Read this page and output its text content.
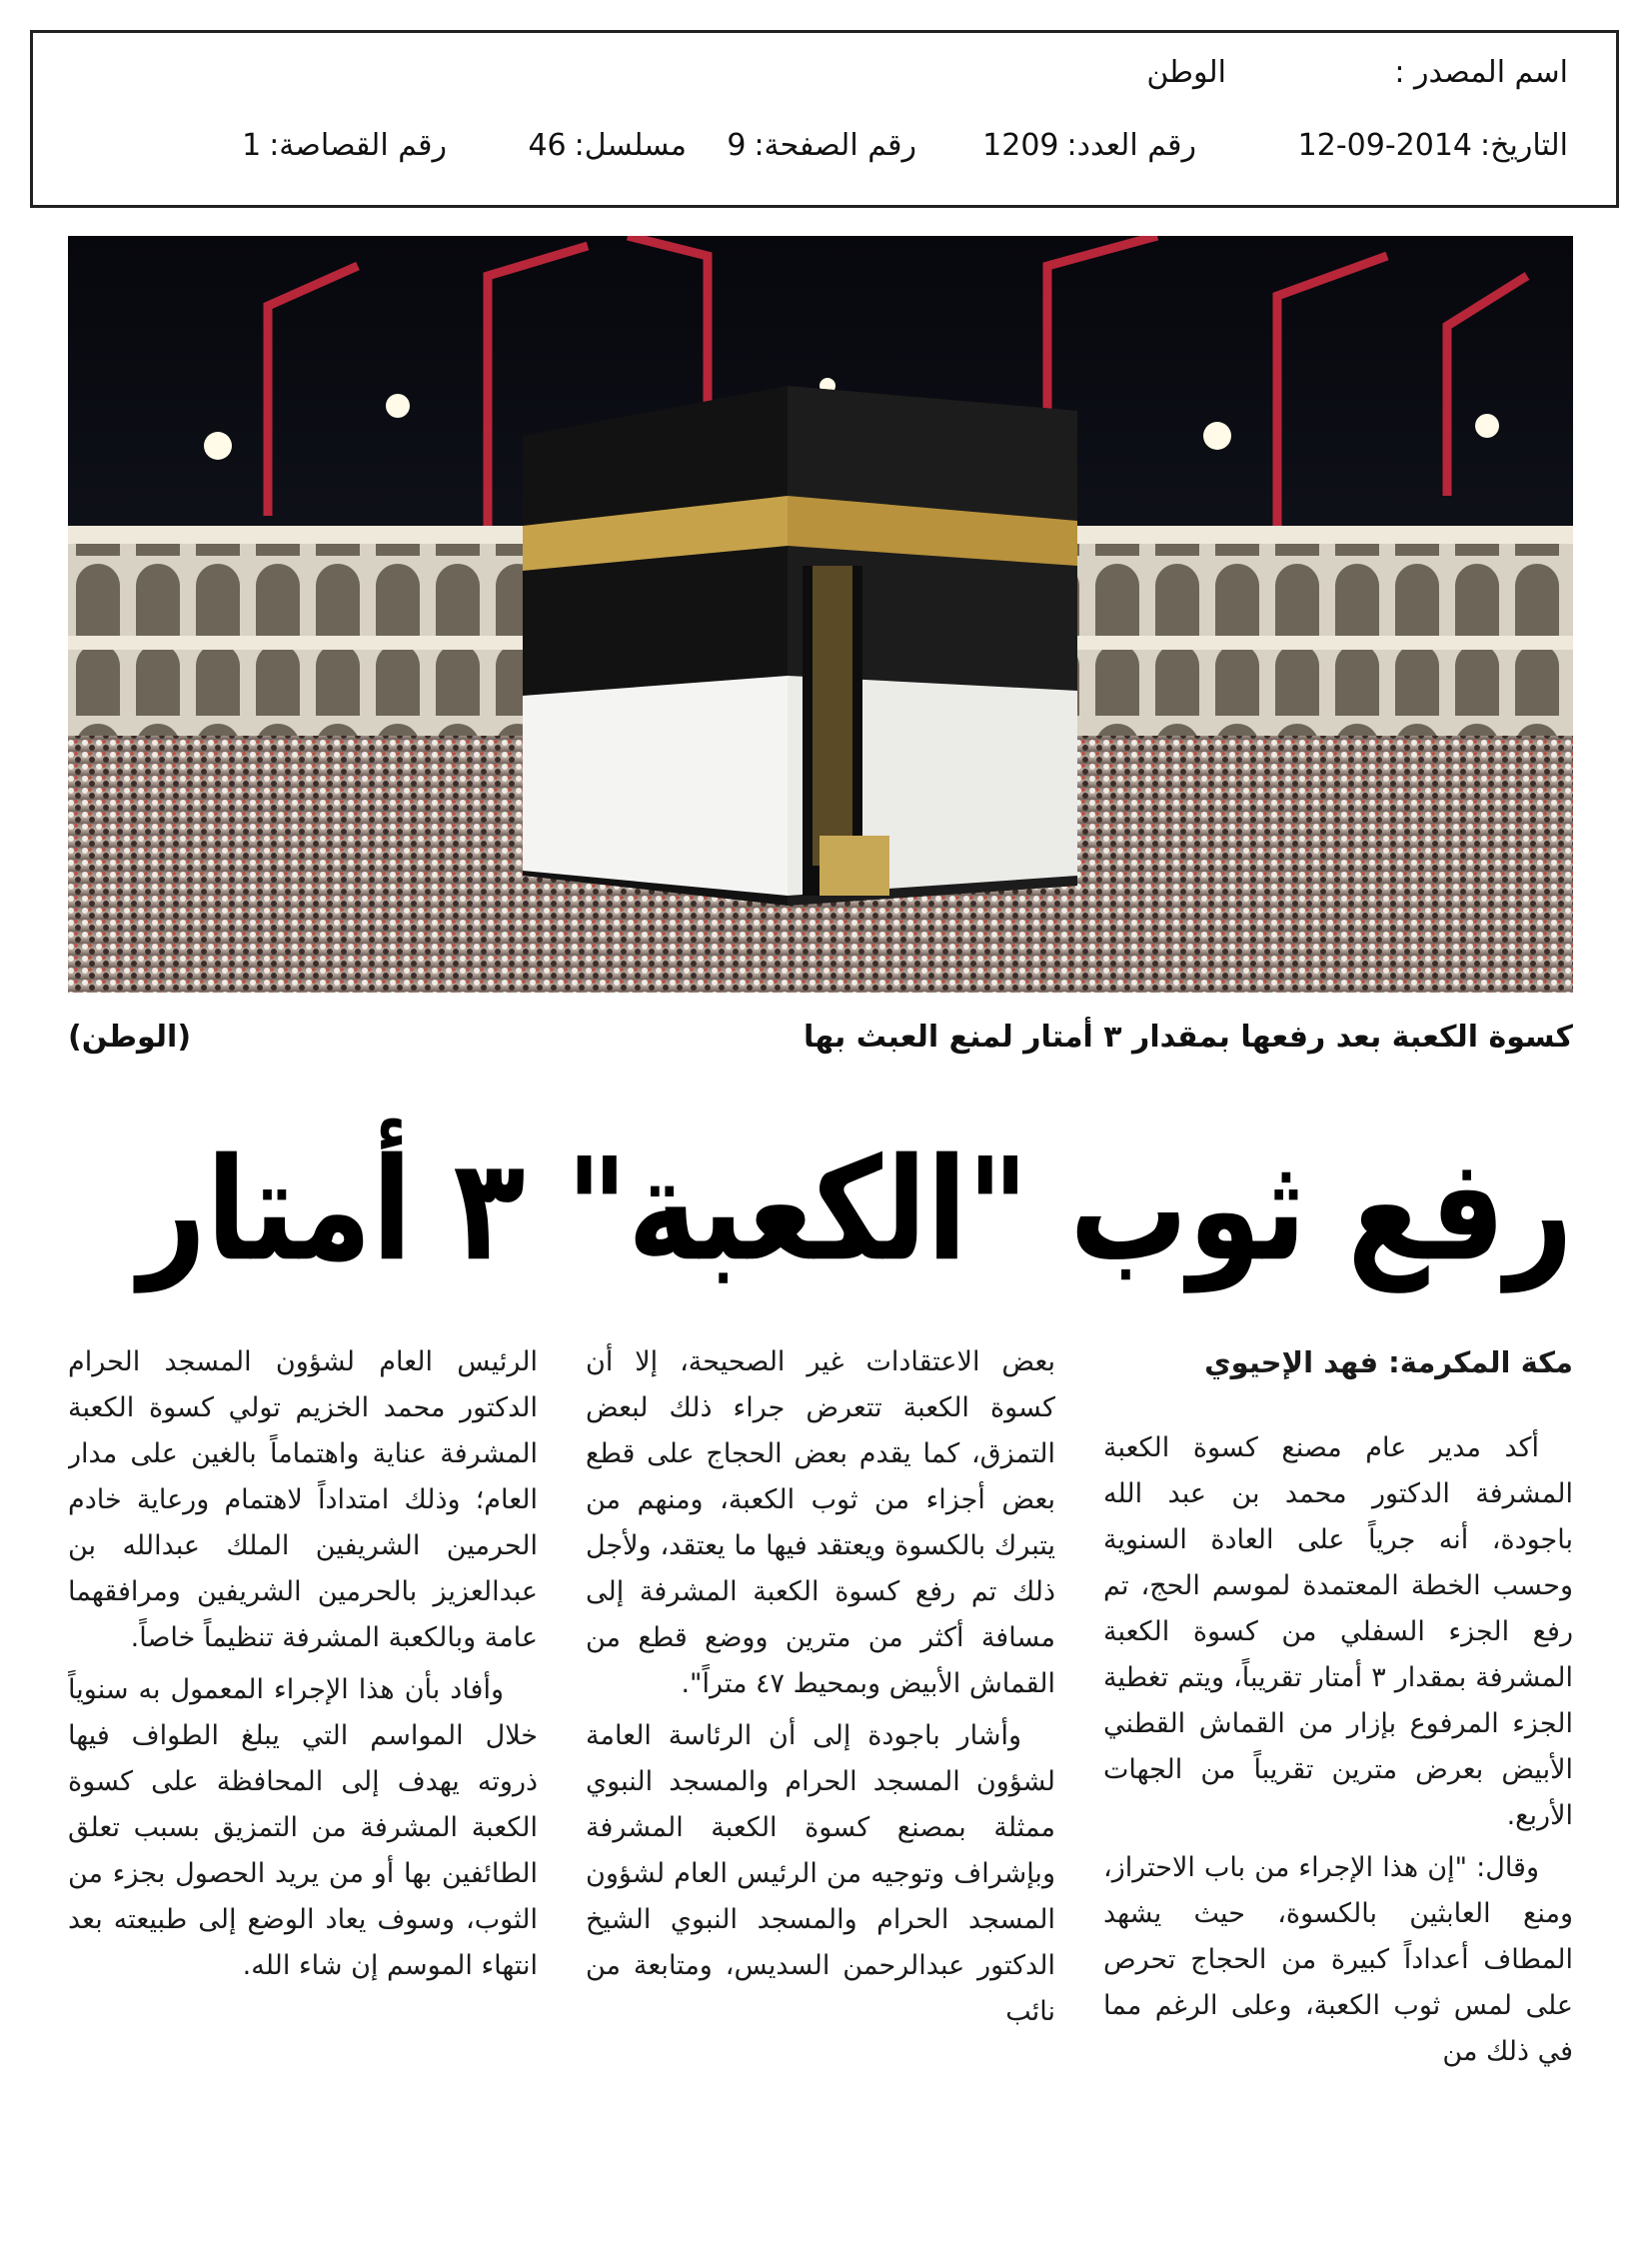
اسم المصدر :
الوطن
التاريخ:2014-09-12
رقم العدد:1209
رقم الصفحة:9
مسلسل:46
رقم القصاصة:1
كسوة الكعبة بعد رفعها بمقدار ٣ أمتار لمنع العبث بها
(الوطن)
رفع ثوب "الكعبة" ٣ أمتار

مكة المكرمة: فهد الإحيوي

أكد مدير عام مصنع كسوة الكعبة المشرفة الدكتور محمد بن عبد الله باجودة، أنه جرياً على العادة السنوية وحسب الخطة المعتمدة لموسم الحج، تم رفع الجزء السفلي من كسوة الكعبة المشرفة بمقدار ٣ أمتار تقريباً، ويتم تغطية الجزء المرفوع بإزار من القماش القطني الأبيض بعرض مترين تقريباً من الجهات الأربع.

وقال: "إن هذا الإجراء من باب الاحتراز، ومنع العابثين بالكسوة، حيث يشهد المطاف أعداداً كبيرة من الحجاج تحرص على لمس ثوب الكعبة، وعلى الرغم مما في ذلك من

بعض الاعتقادات غير الصحيحة، إلا أن كسوة الكعبة تتعرض جراء ذلك لبعض التمزق، كما يقدم بعض الحجاج على قطع بعض أجزاء من ثوب الكعبة، ومنهم من يتبرك بالكسوة ويعتقد فيها ما يعتقد، ولأجل ذلك تم رفع كسوة الكعبة المشرفة إلى مسافة أكثر من مترين ووضع قطع من القماش الأبيض وبمحيط ٤٧ متراً".

وأشار باجودة إلى أن الرئاسة العامة لشؤون المسجد الحرام والمسجد النبوي ممثلة بمصنع كسوة الكعبة المشرفة وبإشراف وتوجيه من الرئيس العام لشؤون المسجد الحرام والمسجد النبوي الشيخ الدكتور عبدالرحمن السديس، ومتابعة من نائب

الرئيس العام لشؤون المسجد الحرام الدكتور محمد الخزيم تولي كسوة الكعبة المشرفة عناية واهتماماً بالغين على مدار العام؛ وذلك امتداداً لاهتمام ورعاية خادم الحرمين الشريفين الملك عبدالله بن عبدالعزيز بالحرمين الشريفين ومرافقهما عامة وبالكعبة المشرفة تنظيماً خاصاً.

وأفاد بأن هذا الإجراء المعمول به سنوياً خلال المواسم التي يبلغ الطواف فيها ذروته يهدف إلى المحافظة على كسوة الكعبة المشرفة من التمزيق بسبب تعلق الطائفين بها أو من يريد الحصول بجزء من الثوب، وسوف يعاد الوضع إلى طبيعته بعد انتهاء الموسم إن شاء الله.
